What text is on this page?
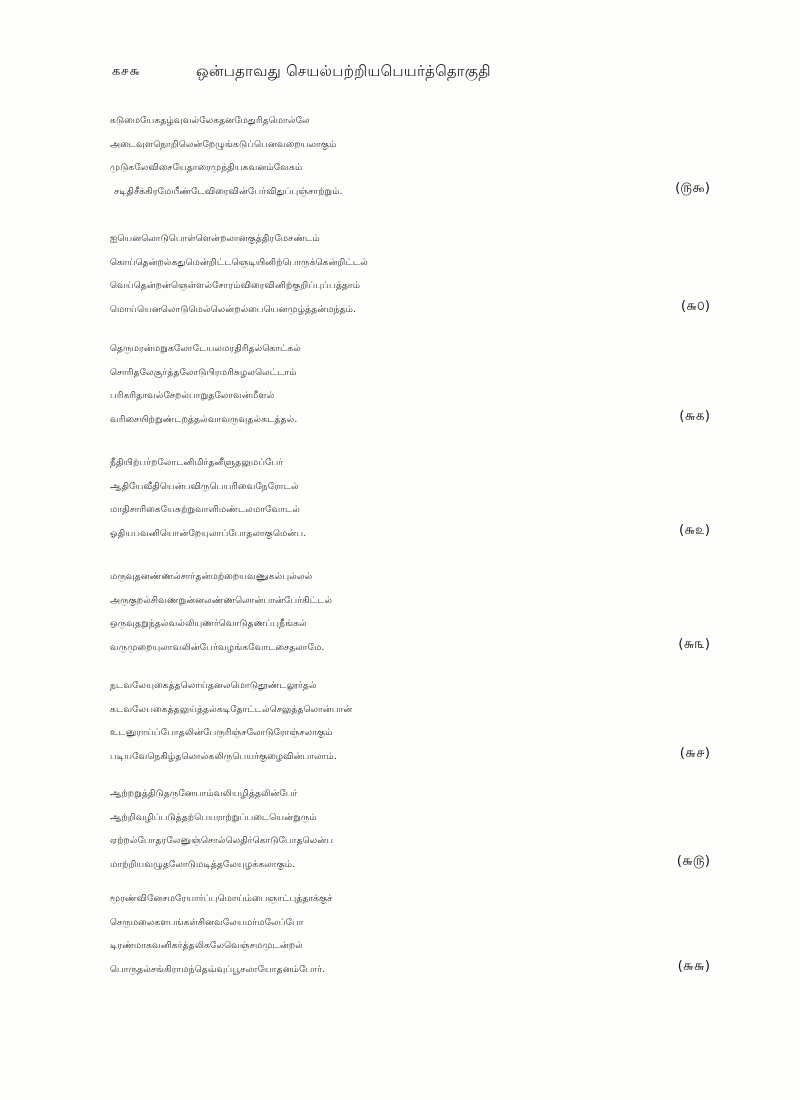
க௪௬	ஒன்பதாவது செயல்பற்றியபெயர்த்தொகுதி
கடுமையேகதழ்வுவல்லேகதனமேதுரிதமொல்லே
அடைவுளநொறிலென்றேழுங்கடுப்பெனவறையலாகும்
முடுகலேவிசையேதாரைமுந்தியகவனம்வேகம்
சடிதிசீக்கிரமேயீண்டேவிரைவின்பேர்விதுப்புஞ்சாற்றும்.	(௫௯)
ஐயெனலொடுபொள்ளென்றலானகுத்திரமேசண்டம்
கொய்தென்றல்கதுமென்றிட்டஞெடியினிற்பொருக்கென்றிட்டல்
வெய்தென்றன்ஞெள்ளல்சோரம்விரைவினிற்குறிப்புப்பத்தாம்
மொய்யெனலொடுமெல்லென்றல்பையெனமுழ்த்தன்மந்தம்.	(௬௦)
தெருமரன்மறுகலோடேயலமரதிரிதல்கொட்கல்
சொரிதலேசூர்த்தலோடுபிரமரிசுழலலெட்டாம்
பரிகரிதாவல்சேறல்பாறுதலோவன்மீளல்
வரிசையிற்றுண்டறத்தல்வாவருவுதல்கடத்தல்.	(௬௧)
நீதியிற்பர்றலோடனிமிர்தனீளுதலுமப்பேர்
ஆதியேவீதியென்பவிருபெயரிவைநேரோடல்
மாதிசாரிகையேசுற்றுவாளிமண்டலமாவோடல்
ஓதியபவனியொன்றேயுலாப்போதலாகுமென்ப.	(௬௨)
மருவுதனண்ணல்சார்தன்மற்றையவணுகல்புல்லல்
அருகுறல்சிவணறுன்னலண்ணலொன்பான்பேர்கிட்டல்
ஒருவுதறுந்தல்வல்லியுணர்வொடுதணப்புநீங்கல்
வருமுறையுலாவலின்பேர்வழங்கவோடசைதலாமே.	(௬௩)
நடவலேயுகைத்தலொய்தனலமொடுதூண்டலூர்தல்
கடவலேபகைத்தலுய்த்தல்கடிதோட்டல்செலுத்தலொன்பான்
உடனுராய்ப்போதலின்பேருரிஞ்சலோடுரோஞ்சலாகும்
படியவேநெகிழ்தலொல்கலிருபெயர்குழைவின்பாலாம்.	(௬௪)
ஆற்றறுத்திடுதருனேயாம்வலியழித்தலின்பேர்
ஆற்றிவழிப்படுத்தற்பெயராற்றுப்படையென்றுரும்
ஏற்றல்போதரலேனுஞ்சொல்லெதிர்கொடுபோதலென்ப
மாற்றியவழுதலோடுமடித்தலேயுழக்கலாகும்.	(௬௫)
மூரண்வினேசமரேயார்ப்புமொய்ம்பைஞாட்புத்தாக்குச்
செருமலைகளபங்கள்சினவலேயமர்மலேப்போ
டிரண்மாகவனிகர்த்தலிகலேவெஞ்சமமுடன்றல்
பொருதல்சங்கிராமந்தெவ்வுப்பூசலாயோதனம்போர்.	(௬௬)
